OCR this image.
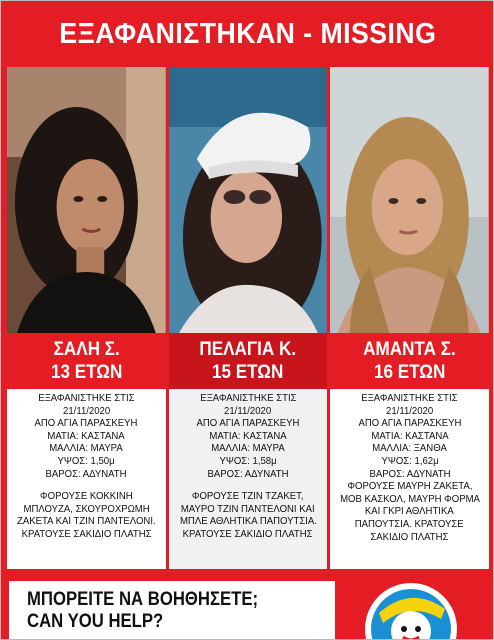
ΕΞΑΦΑΝΙΣΤΗΚΑΝ - MISSING
ΣΑΛΗ Σ.
13 ΕΤΩΝ
ΠΕΛΑΓΙΑ Κ.
15 ΕΤΩΝ
ΑΜΑΝΤΑ Σ.
16 ΕΤΩΝ
ΕΞΑΦΑΝΙΣΤΗΚΕ ΣΤΙΣ
21/11/2020
ΑΠΟ ΑΓΙΑ ΠΑΡΑΣΚΕΥΗ
ΜΑΤΙΑ: ΚΑΣΤΑΝΑ
ΜΑΛΛΙΑ: ΜΑΥΡΑ
ΥΨΟΣ: 1,50μ
ΒΑΡΟΣ: ΑΔΥΝΑΤΗ
ΦΟΡΟΥΣΕ ΚΟΚΚΙΝΗ
ΜΠΛΟΥΖΑ, ΣΚΟΥΡΟΧΡΩΜΗ
ΖΑΚΕΤΑ ΚΑΙ ΤΖΙΝ ΠΑΝΤΕΛΟΝΙ.
ΚΡΑΤΟΥΣΕ ΣΑΚΙΔΙΟ ΠΛΑΤΗΣ
ΕΞΑΦΑΝΙΣΤΗΚΕ ΣΤΙΣ
21/11/2020
ΑΠΟ ΑΓΙΑ ΠΑΡΑΣΚΕΥΗ
ΜΑΤΙΑ: ΚΑΣΤΑΝΑ
ΜΑΛΛΙΑ: ΜΑΥΡΑ
ΥΨΟΣ: 1,58μ
ΒΑΡΟΣ: ΑΔΥΝΑΤΗ
ΦΟΡΟΥΣΕ ΤΖΙΝ ΤΖΑΚΕΤ,
ΜΑΥΡΟ ΤΖΙΝ ΠΑΝΤΕΛΟΝΙ ΚΑΙ
ΜΠΛΕ ΑΘΛΗΤΙΚΑ ΠΑΠΟΥΤΣΙΑ.
ΚΡΑΤΟΥΣΕ ΣΑΚΙΔΙΟ ΠΛΑΤΗΣ
ΕΞΑΦΑΝΙΣΤΗΚΕ ΣΤΙΣ
21/11/2020
ΑΠΟ ΑΓΙΑ ΠΑΡΑΣΚΕΥΗ
ΜΑΤΙΑ: ΚΑΣΤΑΝΑ
ΜΑΛΛΙΑ: ΞΑΝΘΑ
ΥΨΟΣ: 1,62μ
ΒΑΡΟΣ: ΑΔΥΝΑΤΗ
ΦΟΡΟΥΣΕ ΜΑΥΡΗ ΖΑΚΕΤΑ,
ΜΟΒ ΚΑΣΚΟΛ, ΜΑΥΡΗ ΦΟΡΜΑ
ΚΑΙ ΓΚΡΙ ΑΘΛΗΤΙΚΑ
ΠΑΠΟΥΤΣΙΑ. ΚΡΑΤΟΥΣΕ
ΣΑΚΙΔΙΟ ΠΛΑΤΗΣ
ΜΠΟΡΕΙΤΕ ΝΑ ΒΟΗΘΗΣΕΤΕ;
CAN YOU HELP?
